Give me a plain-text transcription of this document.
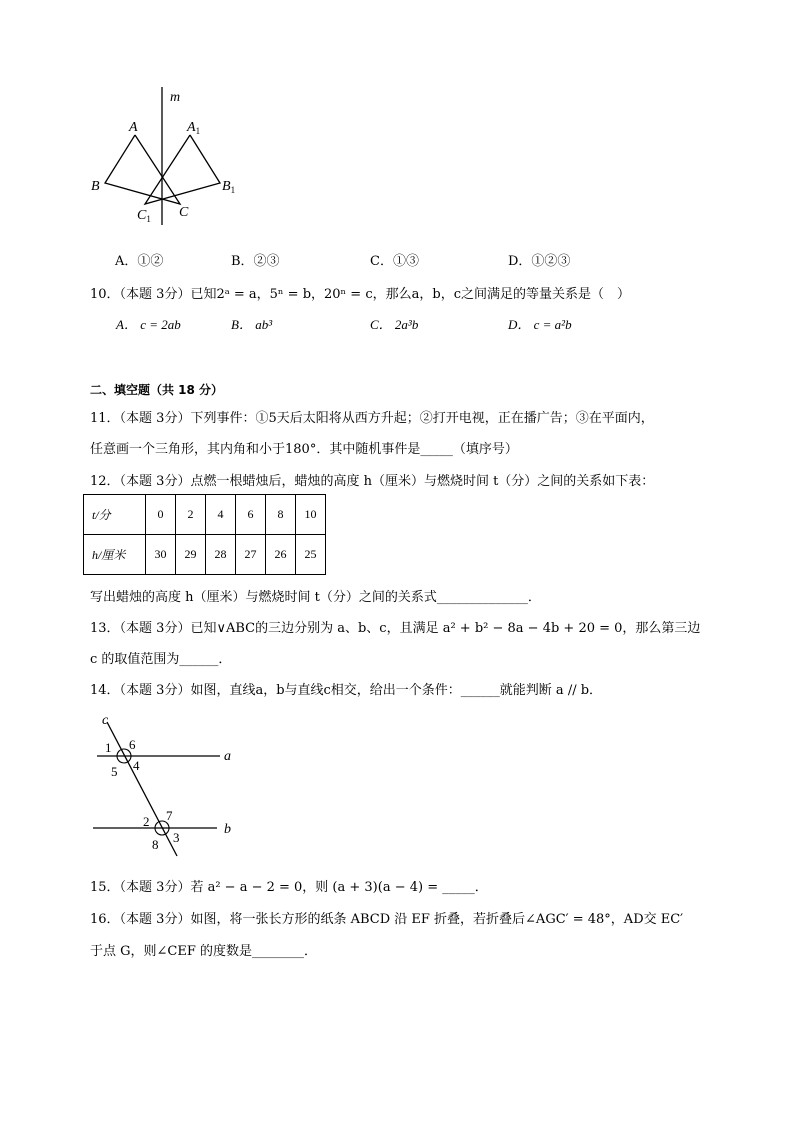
m
A	$A_1$
B	$B_1$
C
$C_1$
A．①②	B．②③	C．①③	D．①②③
10．（本题 3分）已知2ᵃ = a，5ⁿ = b，20ⁿ = c，那么a，b，c之间满足的等量关系是（　）
A． c = 2ab	B． ab³	C． 2a³b	D． c = a²b
二、填空题（共 18 分）
11．（本题 3分）下列事件：①5天后太阳将从西方升起；②打开电视，正在播广告；③在平面内，
任意画一个三角形，其内角和小于180°．其中随机事件是_____（填序号）
12．（本题 3分）点燃一根蜡烛后，蜡烛的高度 h（厘米）与燃烧时间 t（分）之间的关系如下表：
t/分	0	2	4	6	8	10
h/厘米	30	29	28	27	26	25
写出蜡烛的高度 h（厘米）与燃烧时间 t（分）之间的关系式______________．
13．（本题 3分）已知∨ABC的三边分别为 a、b、c，且满足 a² + b² − 8a − 4b + 20 = 0，那么第三边
c 的取值范围为______．
14．（本题 3分）如图，直线a，b与直线c相交，给出一个条件：______就能判断 a // b．
c
a
b
1 6
5 4
2 7
8 3
15．（本题 3分）若 a² − a − 2 = 0，则 (a + 3)(a − 4) = _____．
16．（本题 3分）如图，将一张长方形的纸条 ABCD 沿 EF 折叠，若折叠后∠AGC′ = 48°，AD交 EC′
于点 G，则∠CEF 的度数是________．
